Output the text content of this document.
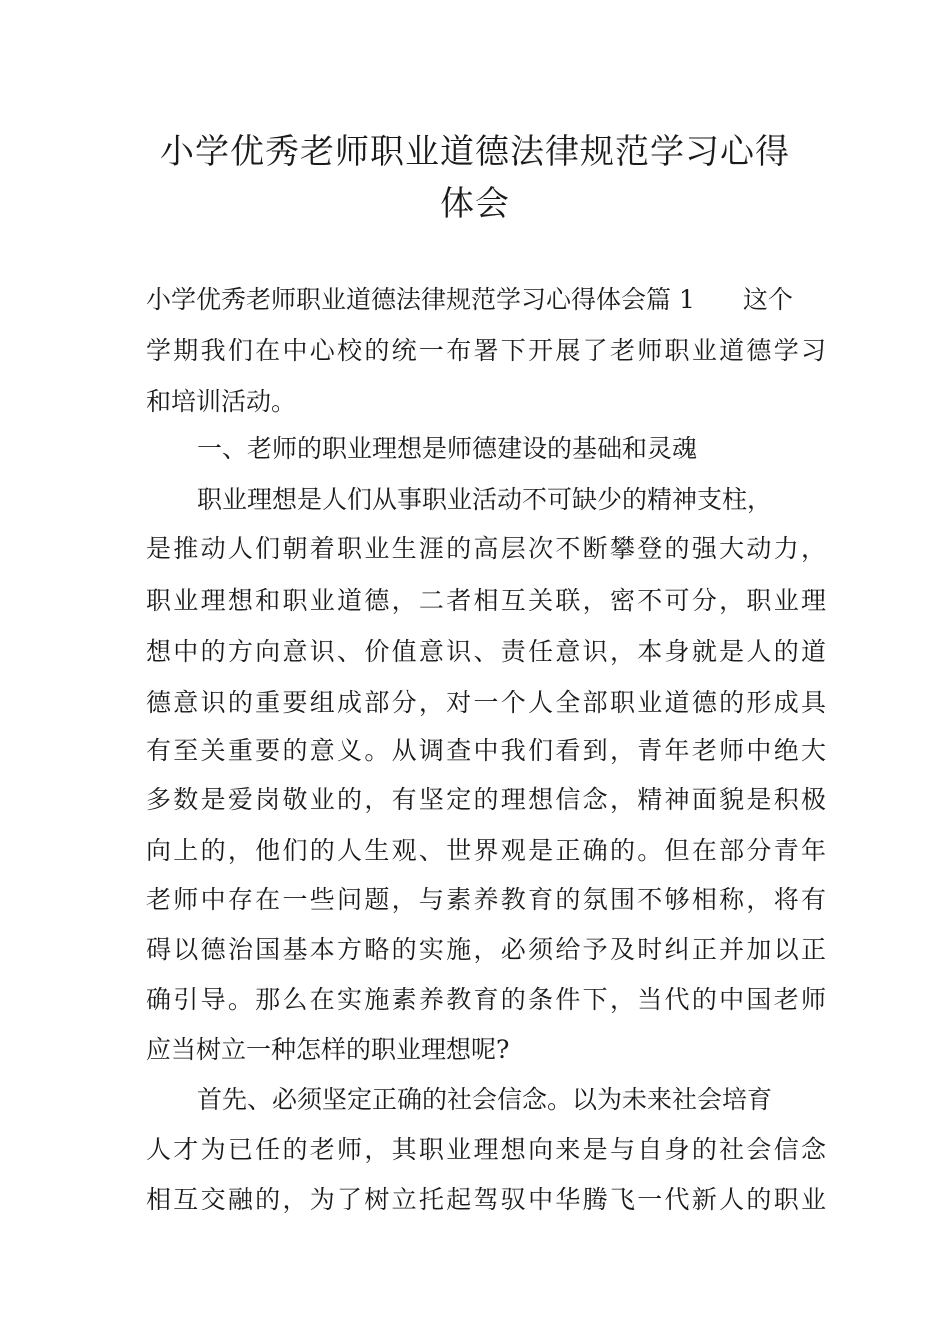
小学优秀老师职业道德法律规范学习心得
体会
小学优秀老师职业道德法律规范学习心得体会篇 1 这个
学期我们在中心校的统一布署下开展了老师职业道德学习
和培训活动。
一、老师的职业理想是师德建设的基础和灵魂
职业理想是人们从事职业活动不可缺少的精神支柱，
是推动人们朝着职业生涯的高层次不断攀登的强大动力，
职业理想和职业道德，二者相互关联，密不可分，职业理
想中的方向意识、价值意识、责任意识，本身就是人的道
德意识的重要组成部分，对一个人全部职业道德的形成具
有至关重要的意义。从调查中我们看到，青年老师中绝大
多数是爱岗敬业的，有坚定的理想信念，精神面貌是积极
向上的，他们的人生观、世界观是正确的。但在部分青年
老师中存在一些问题，与素养教育的氛围不够相称，将有
碍以德治国基本方略的实施，必须给予及时纠正并加以正
确引导。那么在实施素养教育的条件下，当代的中国老师
应当树立一种怎样的职业理想呢?
首先、必须坚定正确的社会信念。以为未来社会培育
人才为已任的老师，其职业理想向来是与自身的社会信念
相互交融的，为了树立托起驾驭中华腾飞一代新人的职业
